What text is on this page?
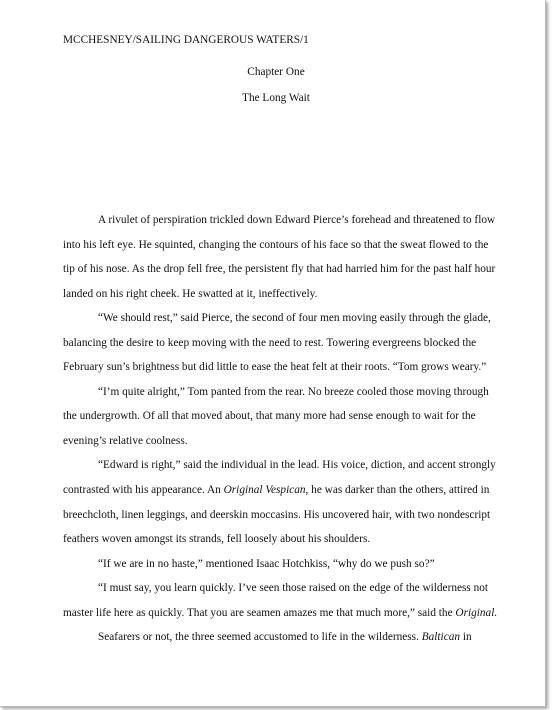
MCCHESNEY/SAILING DANGEROUS WATERS/1
Chapter One
The Long Wait

A rivulet of perspiration trickled down Edward Pierce’s forehead and threatened to flow
into his left eye. He squinted, changing the contours of his face so that the sweat flowed to the
tip of his nose. As the drop fell free, the persistent fly that had harried him for the past half hour
landed on his right cheek. He swatted at it, ineffectively.

“We should rest,” said Pierce, the second of four men moving easily through the glade,
balancing the desire to keep moving with the need to rest. Towering evergreens blocked the
February sun’s brightness but did little to ease the heat felt at their roots. “Tom grows weary.”

“I’m quite alright,” Tom panted from the rear. No breeze cooled those moving through
the undergrowth. Of all that moved about, that many more had sense enough to wait for the
evening’s relative coolness.

“Edward is right,” said the individual in the lead. His voice, diction, and accent strongly
contrasted with his appearance. An Original Vespican, he was darker than the others, attired in
breechcloth, linen leggings, and deerskin moccasins. His uncovered hair, with two nondescript
feathers woven amongst its strands, fell loosely about his shoulders.

“If we are in no haste,” mentioned Isaac Hotchkiss, “why do we push so?”

“I must say, you learn quickly. I’ve seen those raised on the edge of the wilderness not
master life here as quickly. That you are seamen amazes me that much more,” said the Original.

Seafarers or not, the three seemed accustomed to life in the wilderness. Baltican in
